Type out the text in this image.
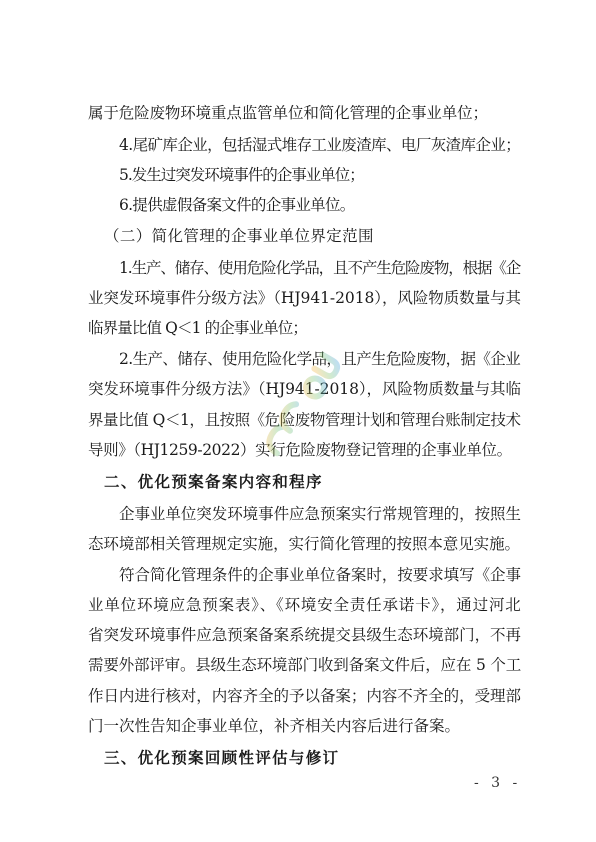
属于危险废物环境重点监管单位和简化管理的企事业单位；
4.尾矿库企业，包括湿式堆存工业废渣库、电厂灰渣库企业；
5.发生过突发环境事件的企事业单位；
6.提供虚假备案文件的企事业单位。
（二）简化管理的企事业单位界定范围
1.生产、储存、使用危险化学品，且不产生危险废物，根据《企
业突发环境事件分级方法》（HJ941-2018），风险物质数量与其
临界量比值 Q＜1 的企事业单位；
2.生产、储存、使用危险化学品，且产生危险废物，据《企业
突发环境事件分级方法》（HJ941-2018），风险物质数量与其临
界量比值 Q＜1，且按照《危险废物管理计划和管理台账制定技术
导则》（HJ1259-2022）实行危险废物登记管理的企事业单位。
二、优化预案备案内容和程序
企事业单位突发环境事件应急预案实行常规管理的，按照生
态环境部相关管理规定实施，实行简化管理的按照本意见实施。
符合简化管理条件的企事业单位备案时，按要求填写《企事
业单位环境应急预案表》、《环境安全责任承诺卡》，通过河北
省突发环境事件应急预案备案系统提交县级生态环境部门，不再
需要外部评审。县级生态环境部门收到备案文件后，应在 5 个工
作日内进行核对，内容齐全的予以备案；内容不齐全的，受理部
门一次性告知企事业单位，补齐相关内容后进行备案。
三、优化预案回顾性评估与修订
- 3 -
